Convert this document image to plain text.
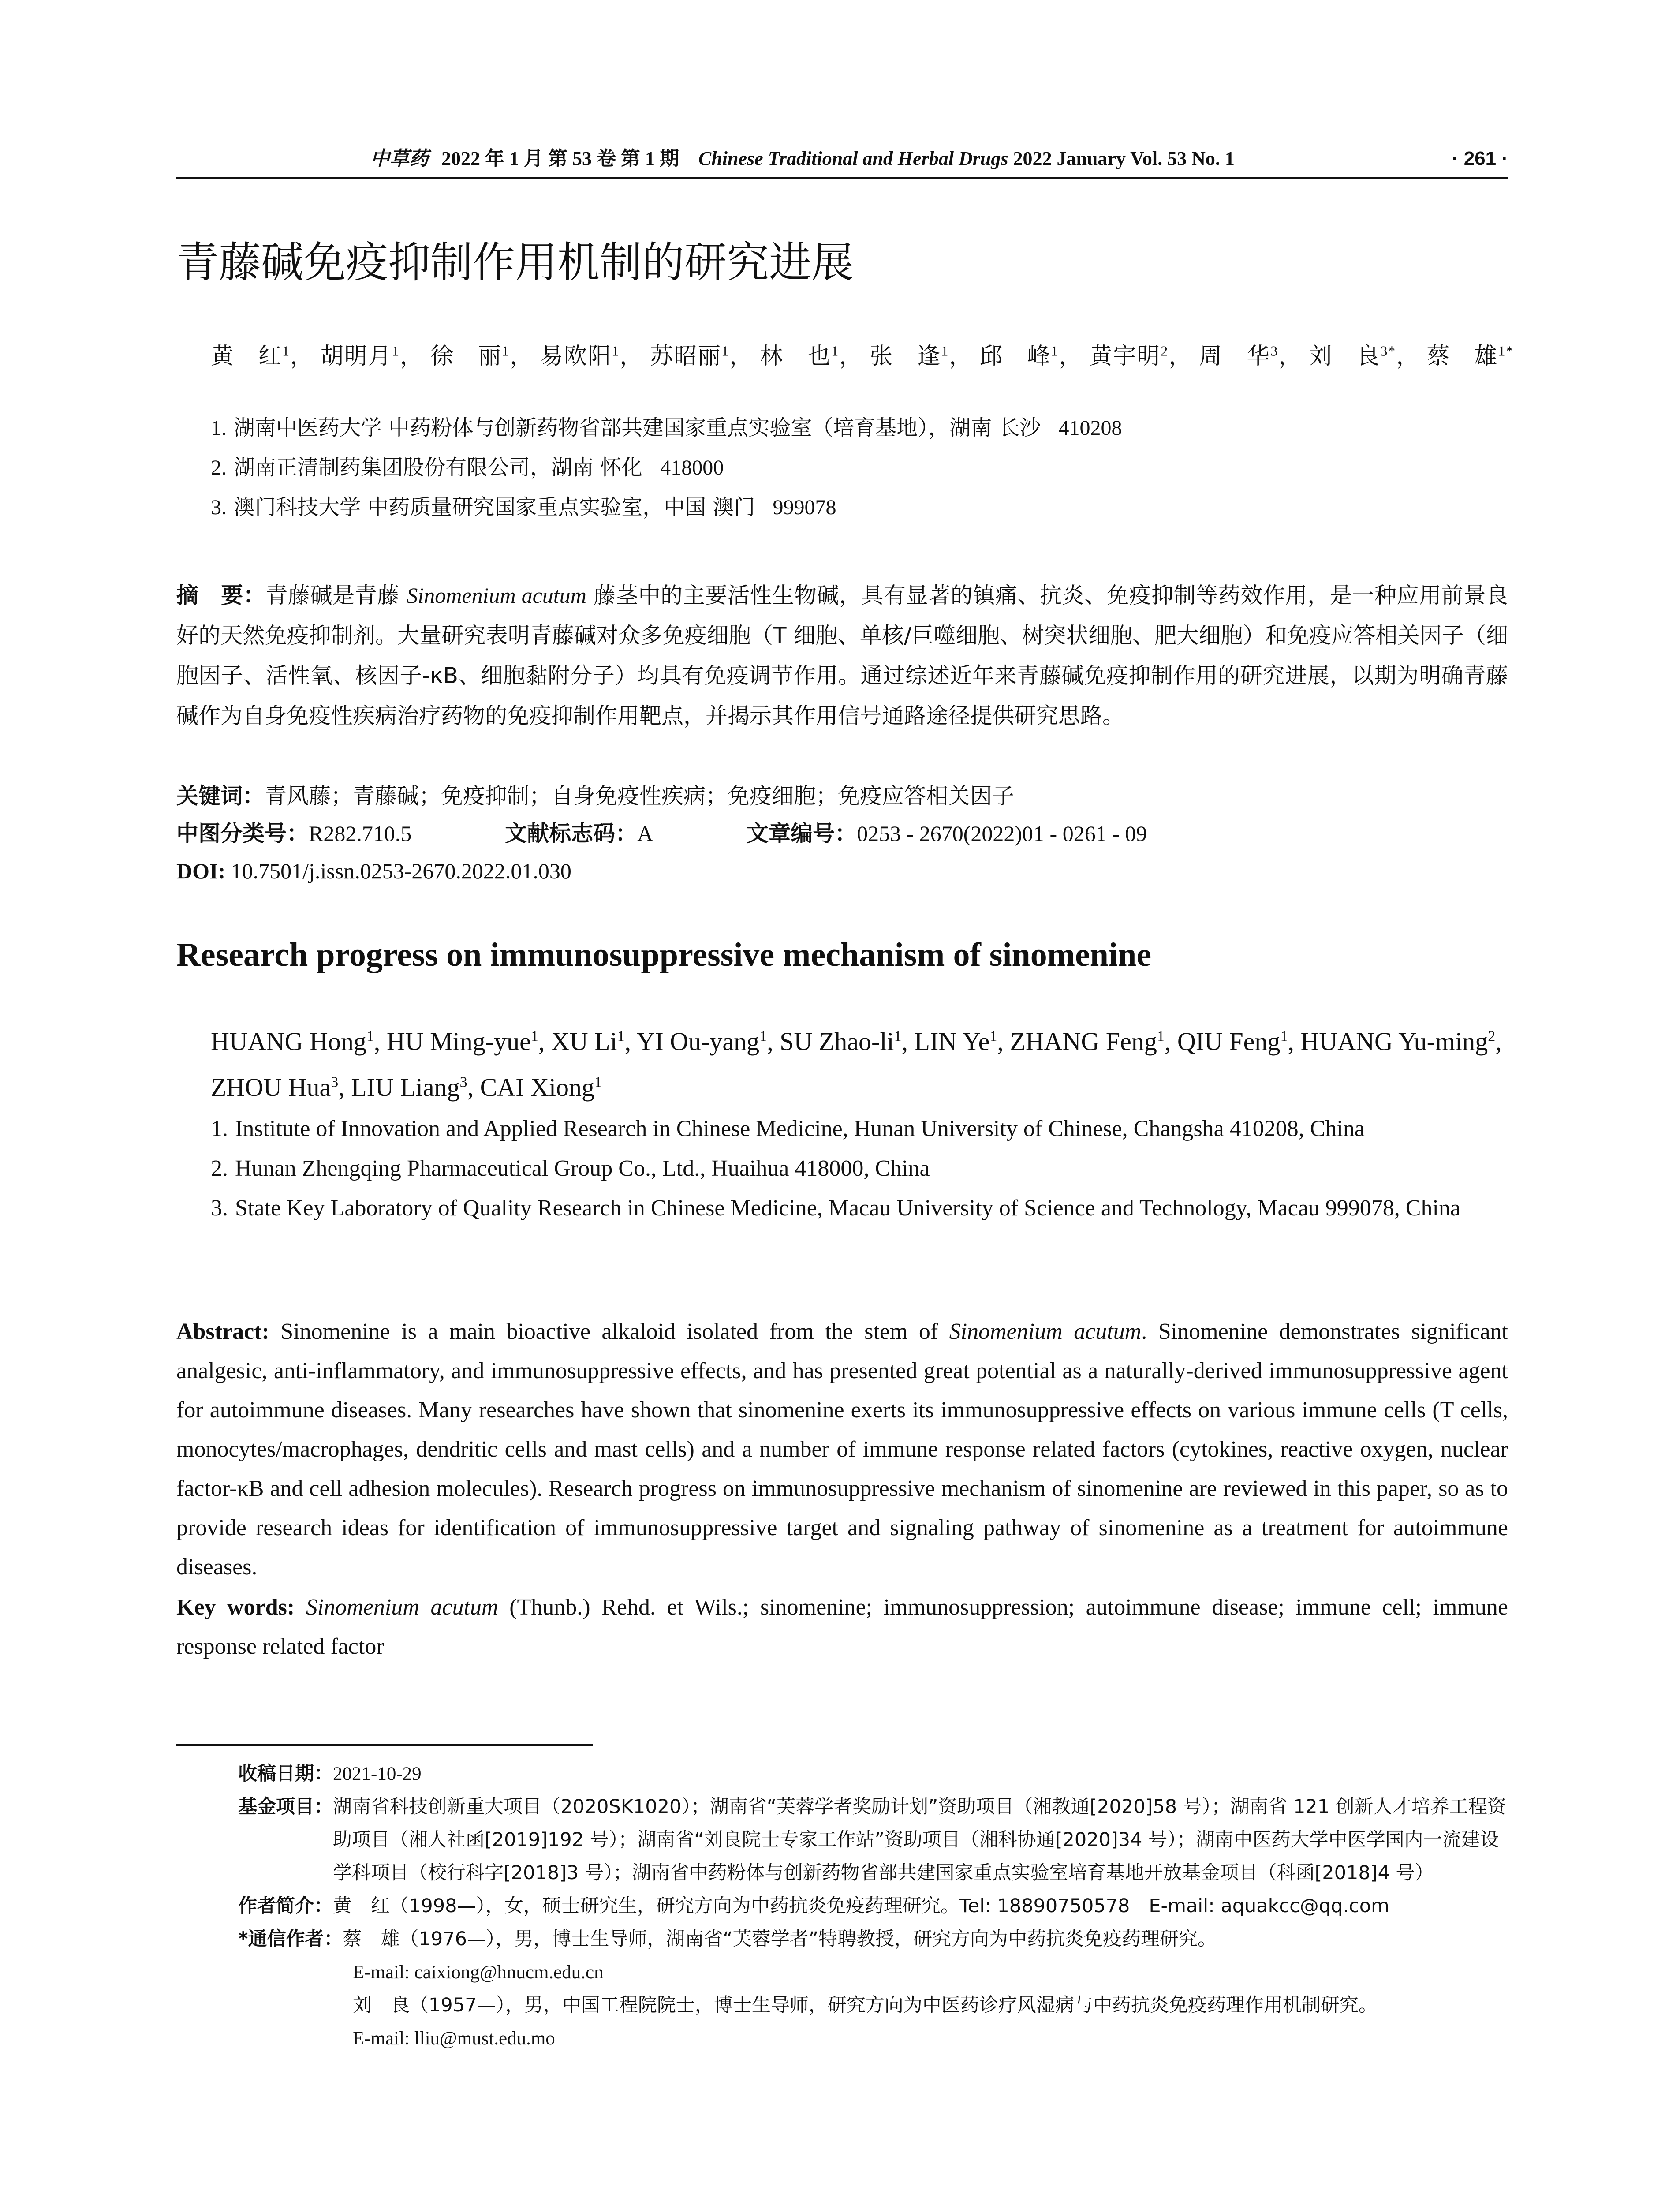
中草药 2022 年 1 月 第 53 卷 第 1 期 Chinese Traditional and Herbal Drugs 2022 January Vol. 53 No. 1	· 261 ·
青藤碱免疫抑制作用机制的研究进展
黄　红$^1$， 胡明月$^1$， 徐　丽$^1$， 易欧阳$^1$， 苏昭丽$^1$， 林　也$^1$， 张　逢$^1$， 邱　峰$^1$， 黄宇明$^2$， 周　华$^3$， 刘　良$^{3*}$， 蔡　雄$^{1*}$
1. 湖南中医药大学 中药粉体与创新药物省部共建国家重点实验室（培育基地），湖南 长沙 410208
2. 湖南正清制药集团股份有限公司，湖南 怀化 418000
3. 澳门科技大学 中药质量研究国家重点实验室，中国 澳门 999078
摘　要：青藤碱是青藤 Sinomenium acutum 藤茎中的主要活性生物碱，具有显著的镇痛、抗炎、免疫抑制等药效作用，是一种应用前景良好的天然免疫抑制剂。大量研究表明青藤碱对众多免疫细胞（T 细胞、单核/巨噬细胞、树突状细胞、肥大细胞）和免疫应答相关因子（细胞因子、活性氧、核因子-κB、细胞黏附分子）均具有免疫调节作用。通过综述近年来青藤碱免疫抑制作用的研究进展，以期为明确青藤碱作为自身免疫性疾病治疗药物的免疫抑制作用靶点，并揭示其作用信号通路途径提供研究思路。
关键词：青风藤；青藤碱；免疫抑制；自身免疫性疾病；免疫细胞；免疫应答相关因子
中图分类号：R282.710.5	文献标志码：A	文章编号：0253 - 2670(2022)01 - 0261 - 09
DOI: 10.7501/j.issn.0253-2670.2022.01.030
Research progress on immunosuppressive mechanism of sinomenine
HUANG Hong$^1$, HU Ming-yue$^1$, XU Li$^1$, YI Ou-yang$^1$, SU Zhao-$li^1$, LIN Ye$^1$, ZHANG Feng$^1$, QIU Feng$^1$, HUANG Yu-ming$^2$, ZHOU Hua$^3$, LIU Liang$^3$, CAI Xiong$^1$
1. Institute of Innovation and Applied Research in Chinese Medicine, Hunan University of Chinese, Changsha 410208, China
2. Hunan Zhengqing Pharmaceutical Group Co., Ltd., Huaihua 418000, China
3. State Key Laboratory of Quality Research in Chinese Medicine, Macau University of Science and Technology, Macau 999078, China
Abstract: Sinomenine is a main bioactive alkaloid isolated from the stem of Sinomenium acutum. Sinomenine demonstrates significant analgesic, anti-inflammatory, and immunosuppressive effects, and has presented great potential as a naturally-derived immunosuppressive agent for autoimmune diseases. Many researches have shown that sinomenine exerts its immunosuppressive effects on various immune cells (T cells, monocytes/macrophages, dendritic cells and mast cells) and a number of immune response related factors (cytokines, reactive oxygen, nuclear factor-κB and cell adhesion molecules). Research progress on immunosuppressive mechanism of sinomenine are reviewed in this paper, so as to provide research ideas for identification of immunosuppressive target and signaling pathway of sinomenine as a treatment for autoimmune diseases.
Key words: Sinomenium acutum (Thunb.) Rehd. et Wils.; sinomenine; immunosuppression; autoimmune disease; immune cell; immune response related factor
收稿日期： 2021-10-29
基金项目： 湖南省科技创新重大项目（2020SK1020）；湖南省“芙蓉学者奖励计划”资助项目（湘教通[2020]58 号）；湖南省 121 创新人才培养工程资助项目（湘人社函[2019]192 号）；湖南省“刘良院士专家工作站”资助项目（湘科协通[2020]34 号）；湖南中医药大学中医学国内一流建设学科项目（校行科字[2018]3 号）；湖南省中药粉体与创新药物省部共建国家重点实验室培育基地开放基金项目（科函[2018]4 号）
作者简介： 黄　红（1998—），女，硕士研究生，研究方向为中药抗炎免疫药理研究。Tel: 18890750578　E-mail: aquakcc@qq.com
*通信作者： 蔡　雄（1976—），男，博士生导师，湖南省“芙蓉学者”特聘教授，研究方向为中药抗炎免疫药理研究。
E-mail: caixiong@hnucm.edu.cn
刘　良（1957—），男，中国工程院院士，博士生导师，研究方向为中医药诊疗风湿病与中药抗炎免疫药理作用机制研究。
E-mail: lliu@must.edu.mo
